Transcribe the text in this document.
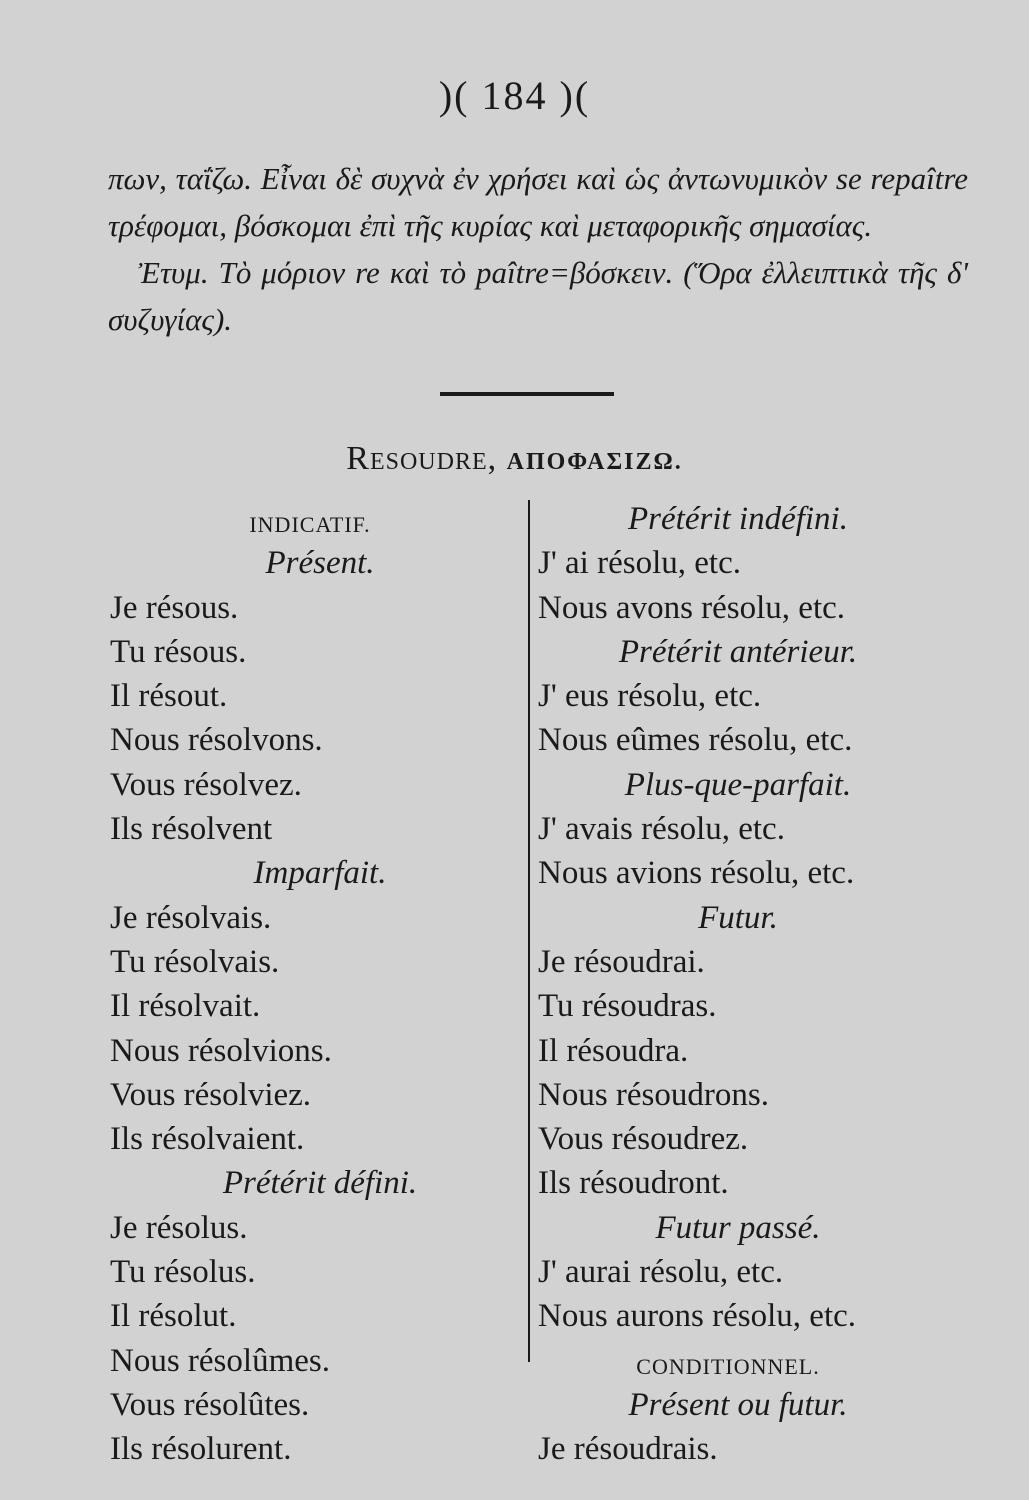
)( 184 )(

πων, ταΐζω. Εἶναι δὲ συχνὰ ἐν χρήσει καὶ ὡς ἀντωνυμικὸν se repaître τρέφομαι, βόσκομαι ἐπὶ τῆς κυρίας καὶ μεταφορικῆς σημασίας.

Ἐτυμ. Τὸ μόριον re καὶ τὸ paître=βόσκειν. (Ὅρα ἐλλειπτικὰ τῆς δ' συζυγίας).

Resoudre, ΑΠΟΦΑΣΙΖΩ.
INDICATIF.
Présent.
Je résous.
Tu résous.
Il résout.
Nous résolvons.
Vous résolvez.
Ils résolvent
Imparfait.
Je résolvais.
Tu résolvais.
Il résolvait.
Nous résolvions.
Vous résolviez.
Ils résolvaient.
Prétérit défini.
Je résolus.
Tu résolus.
Il résolut.
Nous résolûmes.
Vous résolûtes.
Ils résolurent.
Prétérit indéfini.
J' ai résolu, etc.
Nous avons résolu, etc.
Prétérit antérieur.
J' eus résolu, etc.
Nous eûmes résolu, etc.
Plus-que-parfait.
J' avais résolu, etc.
Nous avions résolu, etc.
Futur.
Je résoudrai.
Tu résoudras.
Il résoudra.
Nous résoudrons.
Vous résoudrez.
Ils résoudront.
Futur passé.
J' aurai résolu, etc.
Nous aurons résolu, etc.
CONDITIONNEL.
Présent ou futur.
Je résoudrais.
